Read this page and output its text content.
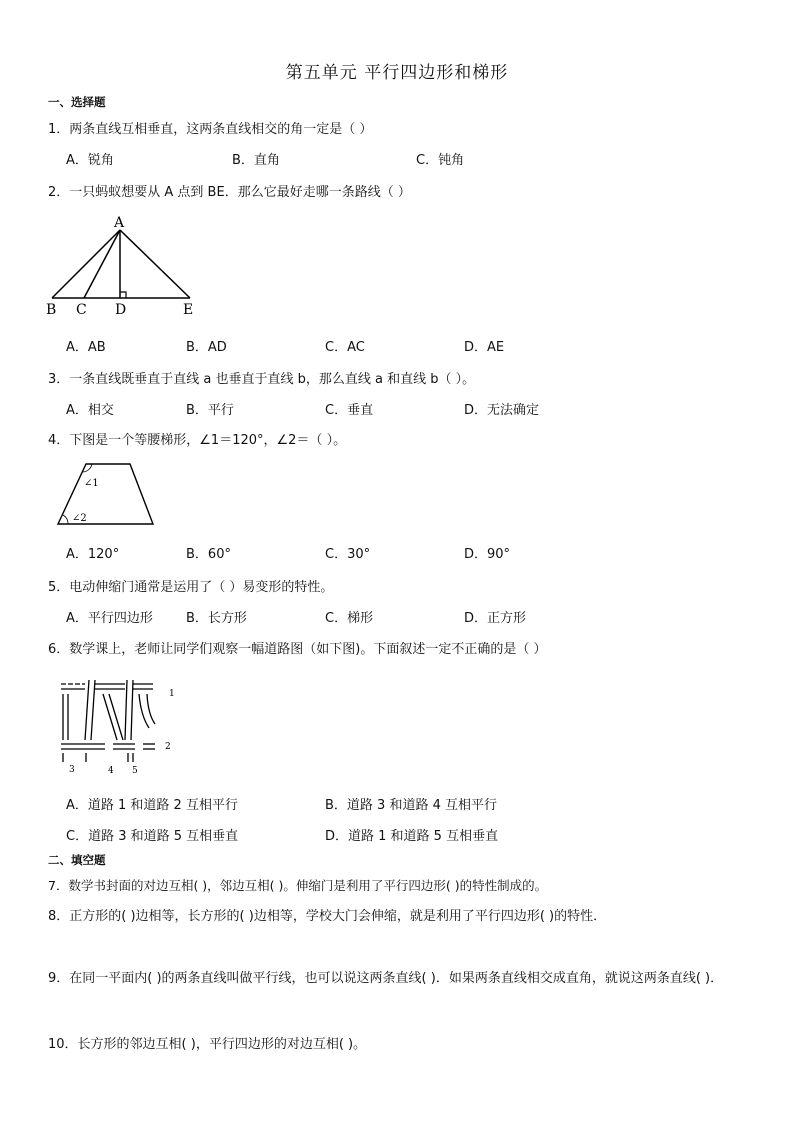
第五单元 平行四边形和梯形
一、选择题
1．两条直线互相垂直，这两条直线相交的角一定是（ ）
A．锐角	B．直角	C．钝角
2．一只蚂蚁想要从 A 点到 BE．那么它最好走哪一条路线（ ）
A
B C D	E
A．AB	B．AD	C．AC	D．AE
3．一条直线既垂直于直线 a 也垂直于直线 b，那么直线 a 和直线 b（ ）。
A．相交	B．平行	C．垂直	D．无法确定
4．下图是一个等腰梯形，∠1＝120°，∠2＝（ ）。
∠1
∠2
A．120°	B．60°	C．30°	D．90°
5．电动伸缩门通常是运用了（ ）易变形的特性。
A．平行四边形	B．长方形	C．梯形	D．正方形
6．数学课上，老师让同学们观察一幅道路图（如下图)。下面叙述一定不正确的是（ ）
1
2
3	4 5
A．道路 1 和道路 2 互相平行	B．道路 3 和道路 4 互相平行
C．道路 3 和道路 5 互相垂直	D．道路 1 和道路 5 互相垂直
二、填空题
7．数学书封面的对边互相( )，邻边互相( )。伸缩门是利用了平行四边形( )的特性制成的。
8．正方形的( )边相等，长方形的( )边相等，学校大门会伸缩，就是利用了平行四边形( )的特性．
9．在同一平面内( )的两条直线叫做平行线，也可以说这两条直线( )．如果两条直线相交成直角，就说这两条直线( )．
10．长方形的邻边互相( )，平行四边形的对边互相( )。
